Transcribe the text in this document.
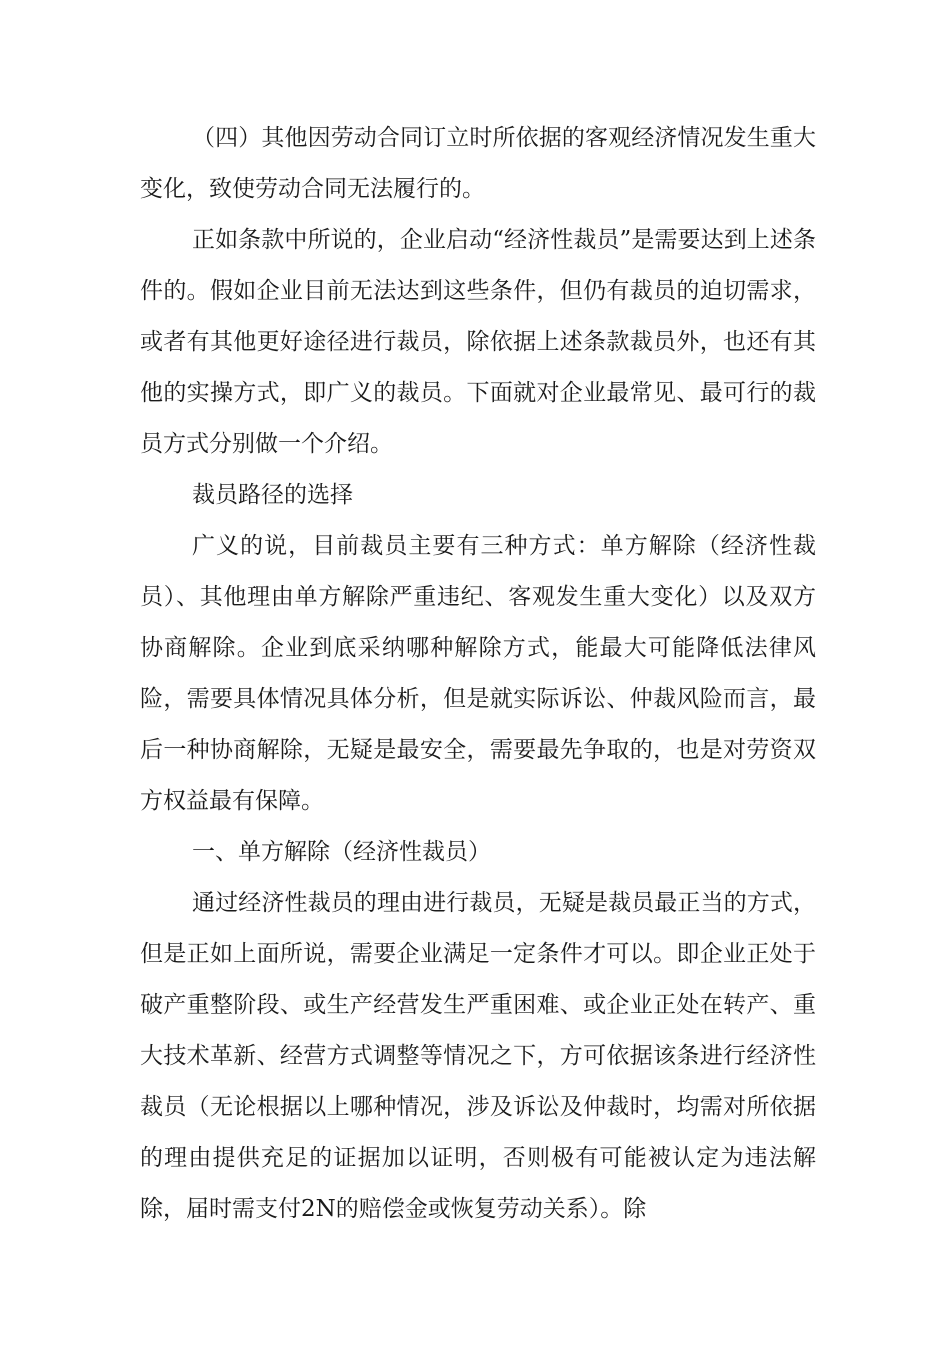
（四）其他因劳动合同订立时所依据的客观经济情况发生重大变化，致使劳动合同无法履行的。

正如条款中所说的，企业启动“经济性裁员”是需要达到上述条件的。假如企业目前无法达到这些条件，但仍有裁员的迫切需求，或者有其他更好途径进行裁员，除依据上述条款裁员外，也还有其他的实操方式，即广义的裁员。下面就对企业最常见、最可行的裁员方式分别做一个介绍。

裁员路径的选择

广义的说，目前裁员主要有三种方式：单方解除（经济性裁员）、其他理由单方解除严重违纪、客观发生重大变化）以及双方协商解除。企业到底采纳哪种解除方式，能最大可能降低法律风险，需要具体情况具体分析，但是就实际诉讼、仲裁风险而言，最后一种协商解除，无疑是最安全，需要最先争取的，也是对劳资双方权益最有保障。

一、单方解除（经济性裁员）

通过经济性裁员的理由进行裁员，无疑是裁员最正当的方式，但是正如上面所说，需要企业满足一定条件才可以。即企业正处于破产重整阶段、或生产经营发生严重困难、或企业正处在转产、重大技术革新、经营方式调整等情况之下，方可依据该条进行经济性裁员（无论根据以上哪种情况，涉及诉讼及仲裁时，均需对所依据的理由提供充足的证据加以证明，否则极有可能被认定为违法解除，届时需支付2N的赔偿金或恢复劳动关系）。除
